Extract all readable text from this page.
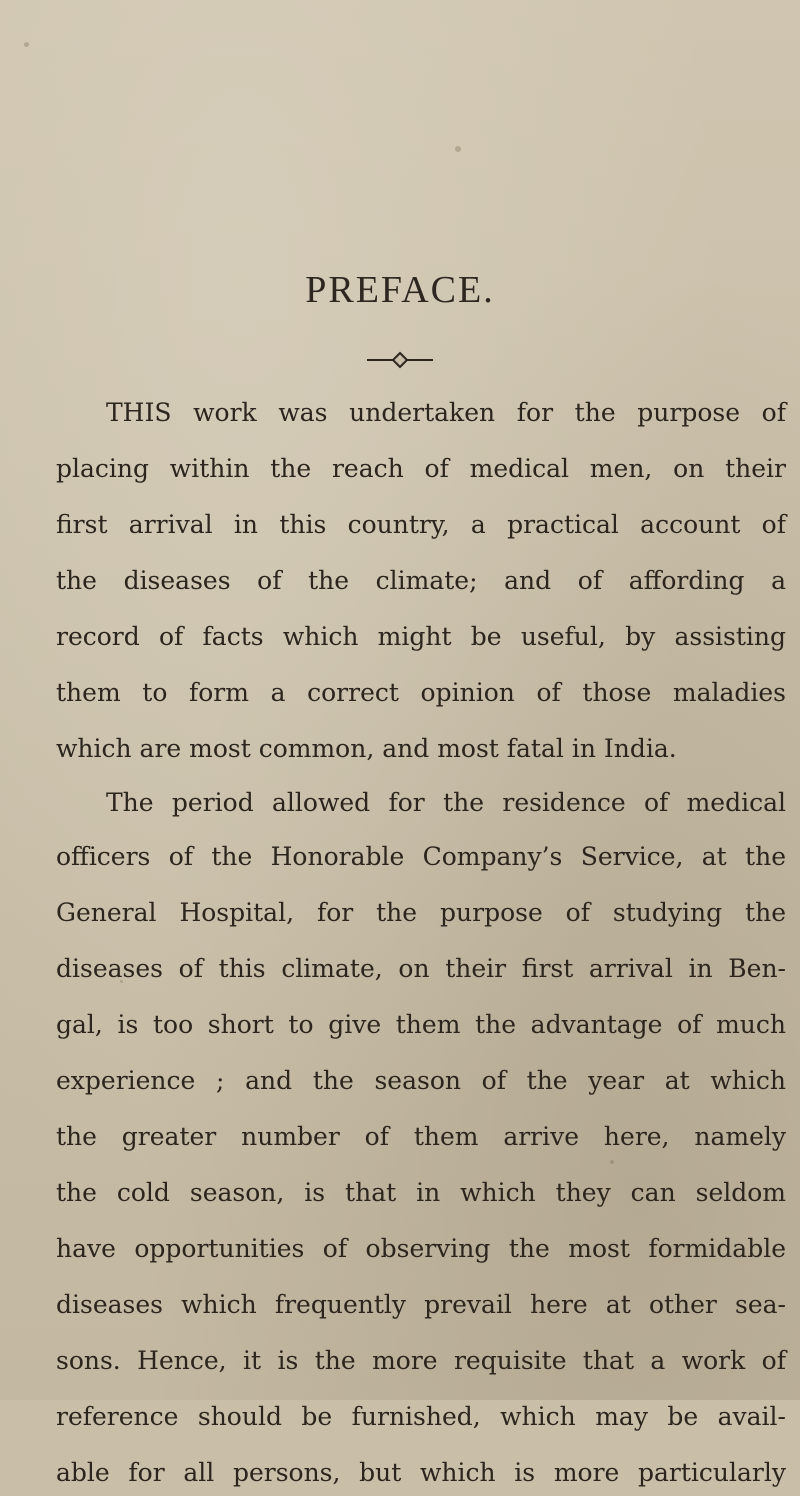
PREFACE.
THIS work was undertaken for the purpose of
placing within the reach of medical men, on their
first arrival in this country, a practical account of
the diseases of the climate; and of affording a
record of facts which might be useful, by assisting
them to form a correct opinion of those maladies
which are most common, and most fatal in India.
The period allowed for the residence of medical
officers of the Honorable Company’s Service, at the
General Hospital, for the purpose of studying the
diseases of this climate, on their first arrival in Ben-
gal, is too short to give them the advantage of much
experience ; and the season of the year at which
the greater number of them arrive here, namely
the cold season, is that in which they can seldom
have opportunities of observing the most formidable
diseases which frequently prevail here at other sea-
sons. Hence, it is the more requisite that a work of
reference should be furnished, which may be avail-
able for all persons, but which is more particularly
